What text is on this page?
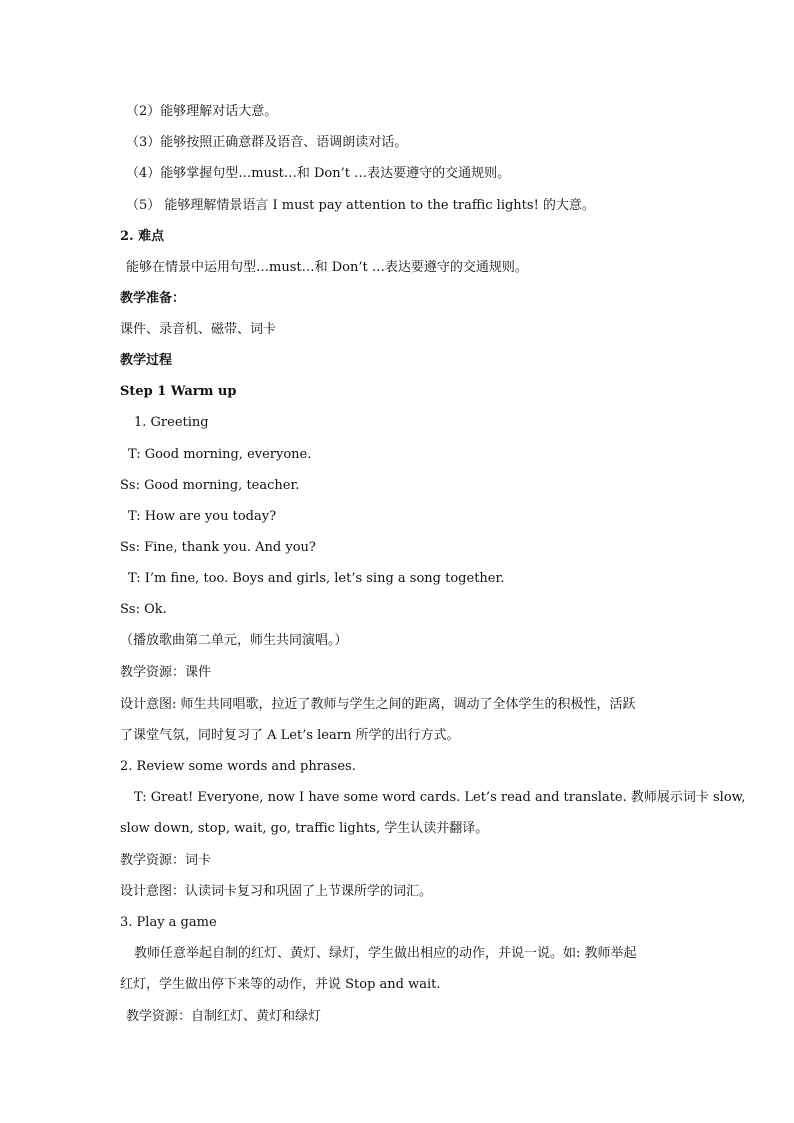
（2）能够理解对话大意。
（3）能够按照正确意群及语音、语调朗读对话。
（4）能够掌握句型…must…和 Don’t …表达要遵守的交通规则。
（5） 能够理解情景语言 I must pay attention to the traffic lights! 的大意。
2. 难点
能够在情景中运用句型…must…和 Don’t …表达要遵守的交通规则。
教学准备：
课件、录音机、磁带、词卡
教学过程
Step 1 Warm up
1. Greeting
T: Good morning, everyone.
Ss: Good morning, teacher.
T: How are you today?
Ss: Fine, thank you. And you?
T: I’m fine, too. Boys and girls, let’s sing a song together.
Ss: Ok.
（播放歌曲第二单元，师生共同演唱。）
教学资源：课件
设计意图: 师生共同唱歌，拉近了教师与学生之间的距离，调动了全体学生的积极性，活跃
了课堂气氛，同时复习了 A Let’s learn 所学的出行方式。
2. Review some words and phrases.
T: Great! Everyone, now I have some word cards. Let’s read and translate. 教师展示词卡 slow,
slow down, stop, wait, go, traffic lights, 学生认读并翻译。
教学资源：词卡
设计意图：认读词卡复习和巩固了上节课所学的词汇。
3. Play a game
教师任意举起自制的红灯、黄灯、绿灯，学生做出相应的动作，并说一说。如: 教师举起
红灯，学生做出停下来等的动作，并说 Stop and wait.
教学资源：自制红灯、黄灯和绿灯
